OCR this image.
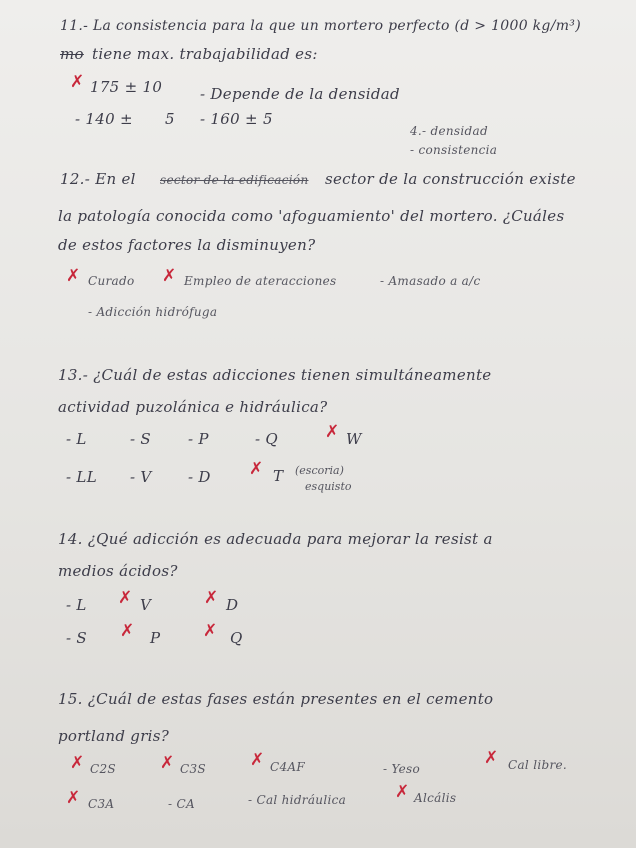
11.- La consistencia para la que un mortero perfecto (d > 1000 kg/m³)
mo tiene max. trabajabilidad es:
✗ 175 ± 10	- Depende de la densidad
- 140 ± 5 - 160 ± 5
4.- densidad
- consistencia
12.- En el sector de la edificación sector de la construcción existe
la patología conocida como 'afoguamiento' del mortero. ¿Cuáles
de estos factores la disminuyen?
✗ Curado ✗ Empleo de ateracciones	- Amasado a a/c
- Adicción hidrófuga
13.- ¿Cuál de estas adicciones tienen simultáneamente
actividad puzolánica e hidráulica?
- L	- S - P	- Q	✗ W
- LL - V - D ✗ T (escoria)
esquisto
14. ¿Qué adicción es adecuada para mejorar la resist a
medios ácidos?
- L ✗ V	✗ D
- S ✗ P	✗ Q
15. ¿Cuál de estas fases están presentes en el cemento
portland gris?
✗ C2S	✗ C3S	✗ C4AF	- Yeso
✗ Cal libre.
✗ C3A	- CA	- Cal hidráulica	✗ Alcális
